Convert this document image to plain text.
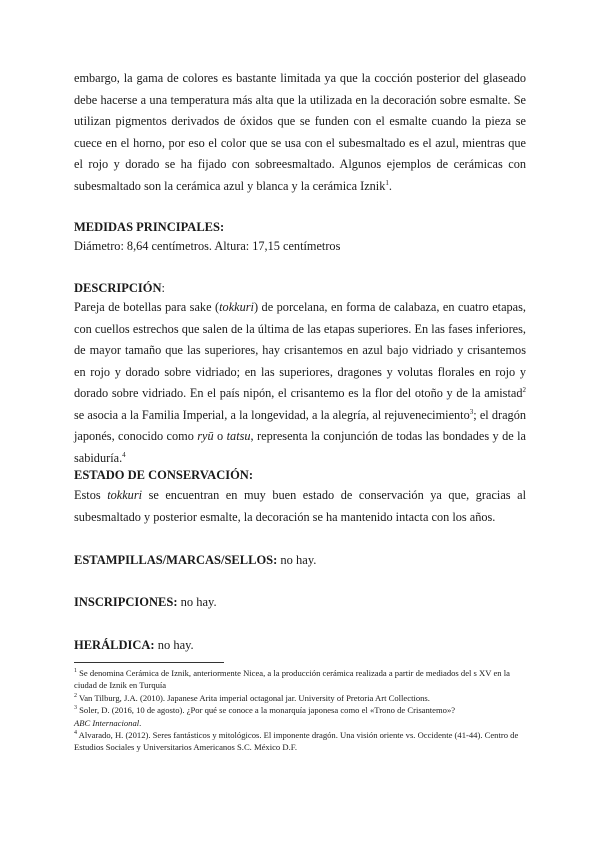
embargo, la gama de colores es bastante limitada ya que la cocción posterior del glaseado debe hacerse a una temperatura más alta que la utilizada en la decoración sobre esmalte. Se utilizan pigmentos derivados de óxidos que se funden con el esmalte cuando la pieza se cuece en el horno, por eso el color que se usa con el subesmaltado es el azul, mientras que el rojo y dorado se ha fijado con sobreesmaltado. Algunos ejemplos de cerámicas con subesmaltado son la cerámica azul y blanca y la cerámica Iznik$^1$.

MEDIDAS PRINCIPALES:

Diámetro: 8,64 centímetros. Altura: 17,15 centímetros

DESCRIPCIÓN:

Pareja de botellas para sake (tokkuri) de porcelana, en forma de calabaza, en cuatro etapas, con cuellos estrechos que salen de la última de las etapas superiores. En las fases inferiores, de mayor tamaño que las superiores, hay crisantemos en azul bajo vidriado y crisantemos en rojo y dorado sobre vidriado; en las superiores, dragones y volutas florales en rojo y dorado sobre vidriado. En el país nipón, el crisantemo es la flor del otoño y de la amistad$^2$ se asocia a la Familia Imperial, a la longevidad, a la alegría, al rejuvenecimiento$^3$; el dragón japonés, conocido como ryū o tatsu, representa la conjunción de todas las bondades y de la sabiduría.$^4$

ESTADO DE CONSERVACIÓN:

Estos tokkuri se encuentran en muy buen estado de conservación ya que, gracias al subesmaltado y posterior esmalte, la decoración se ha mantenido intacta con los años.

ESTAMPILLAS/MARCAS/SELLOS: no hay.

INSCRIPCIONES: no hay.

HERÁLDICA: no hay.

$^1$ Se denomina Cerámica de Iznik, anteriormente Nicea, a la producción cerámica realizada a partir de mediados del s XV en la ciudad de Iznik en Turquía

$^2$ Van Tilburg, J.A. (2010). Japanese Arita imperial octagonal jar. University of Pretoria Art Collections.

$^3$ Soler, D. (2016, 10 de agosto). ¿Por qué se conoce a la monarquía japonesa como el «Trono de Crisantemo»?
ABC Internacional.

$^4$ Alvarado, H. (2012). Seres fantásticos y mitológicos. El imponente dragón. Una visión oriente vs. Occidente (41-44). Centro de Estudios Sociales y Universitarios Americanos S.C. México D.F.
